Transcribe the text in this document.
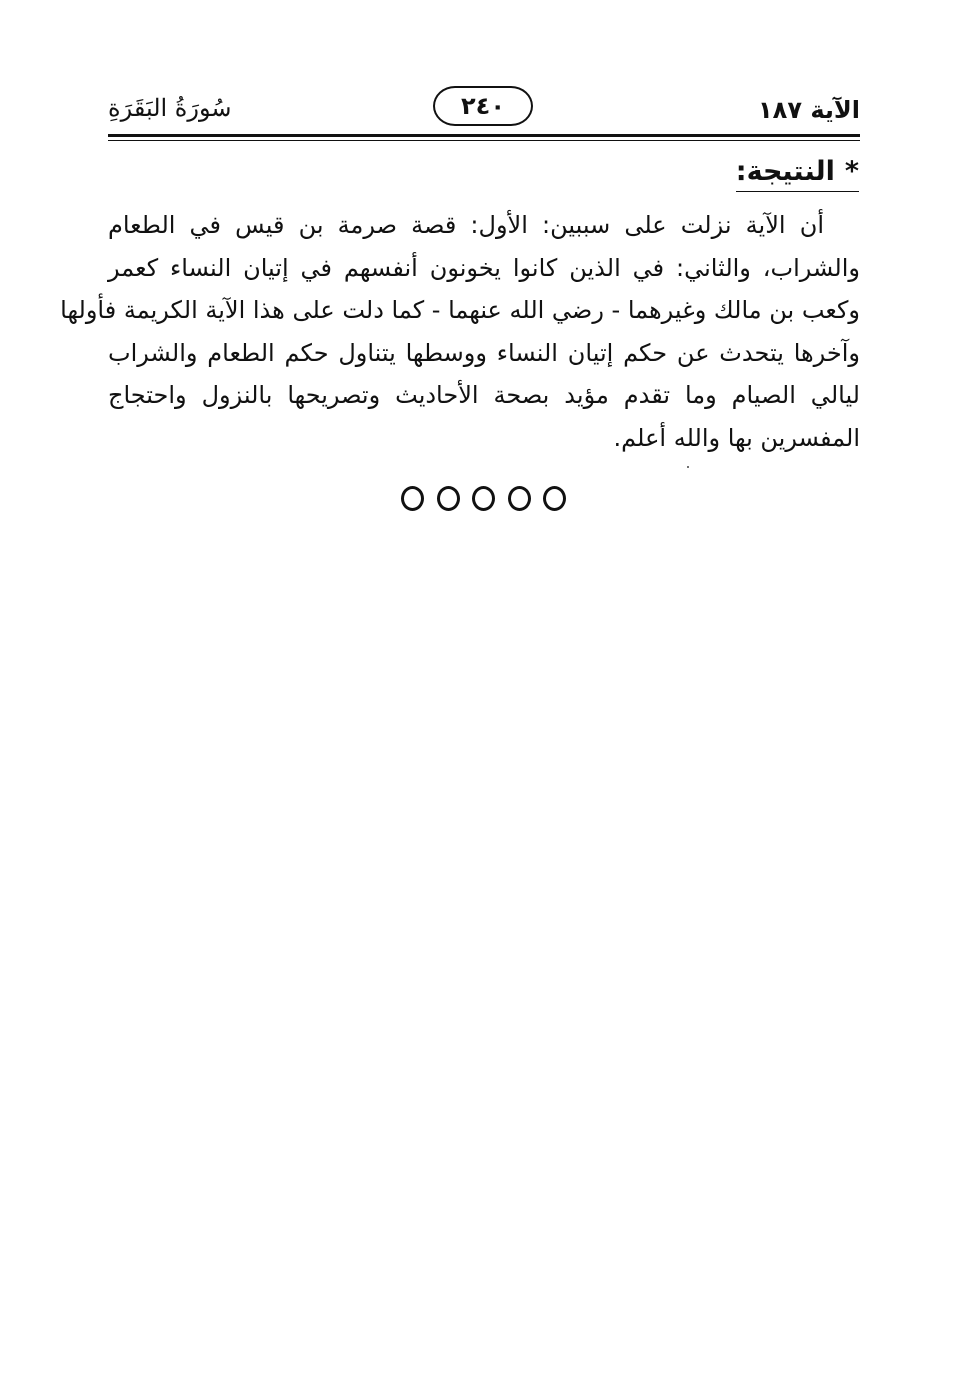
الآية ١٨٧
٢٤٠
سُورَةُ البَقَرَةِ
*النتيجة:
أن الآية نزلت على سببين: الأول: قصة صرمة بن قيس في الطعام
والشراب، والثاني: في الذين كانوا يخونون أنفسهم في إتيان النساء كعمر
وكعب بن مالك وغيرهما - رضي الله عنهما - كما دلت على هذا الآية الكريمة فأولها
وآخرها يتحدث عن حكم إتيان النساء ووسطها يتناول حكم الطعام والشراب
ليالي الصيام وما تقدم مؤيد بصحة الأحاديث وتصريحها بالنزول واحتجاج
المفسرين بها والله أعلم.
